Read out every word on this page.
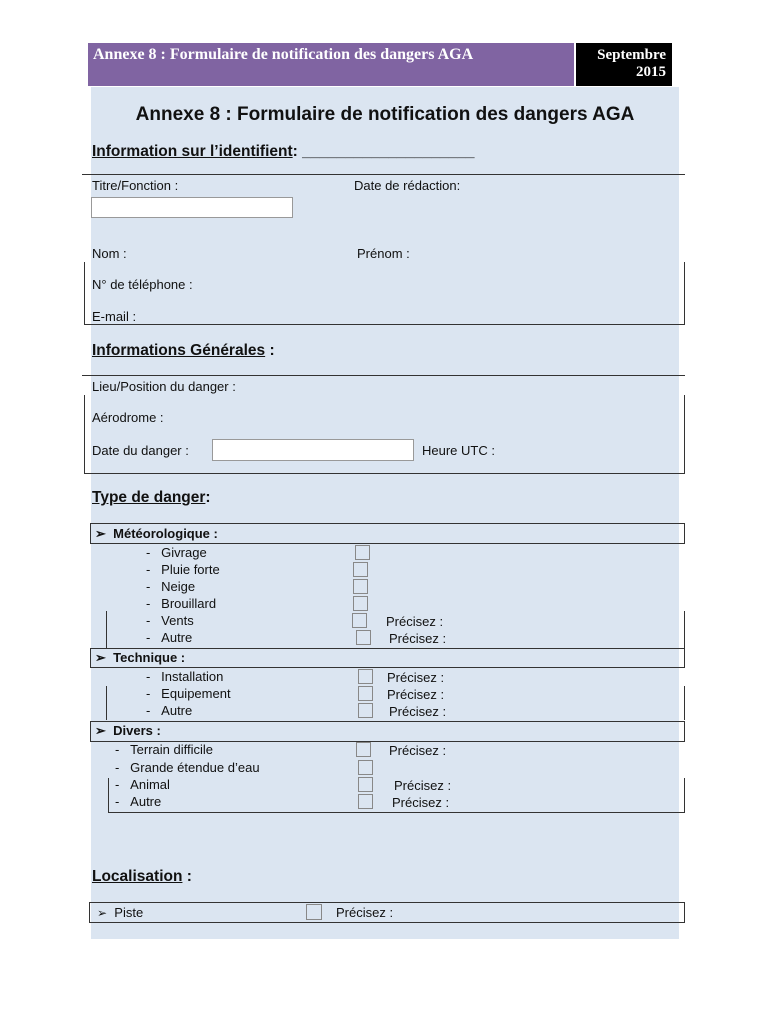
Annexe 8 : Formulaire de notification des dangers AGA	Septembre 2015
Annexe 8 : Formulaire de notification des dangers AGA
Information sur l’identifient: ____________________
Titre/Fonction :	Date de rédaction:
Nom :	Prénom :
N° de téléphone :
E-mail :
Informations Générales :
Lieu/Position du danger :
Aérodrome :
Date du danger :	Heure UTC :
Type de danger:
➢ Météorologique :
-   Givrage
-   Pluie forte
-   Neige
-   Brouillard
-   Vents	Précisez :
-   Autre	Précisez :
➢ Technique :
-   Installation	Précisez :
-   Equipement	Précisez :
-   Autre	Précisez :
➢ Divers :
-   Terrain difficile	Précisez :
-   Grande étendue d’eau
-   Animal	Précisez :
-   Autre	Précisez :
Localisation :
➢ Piste	Précisez :
